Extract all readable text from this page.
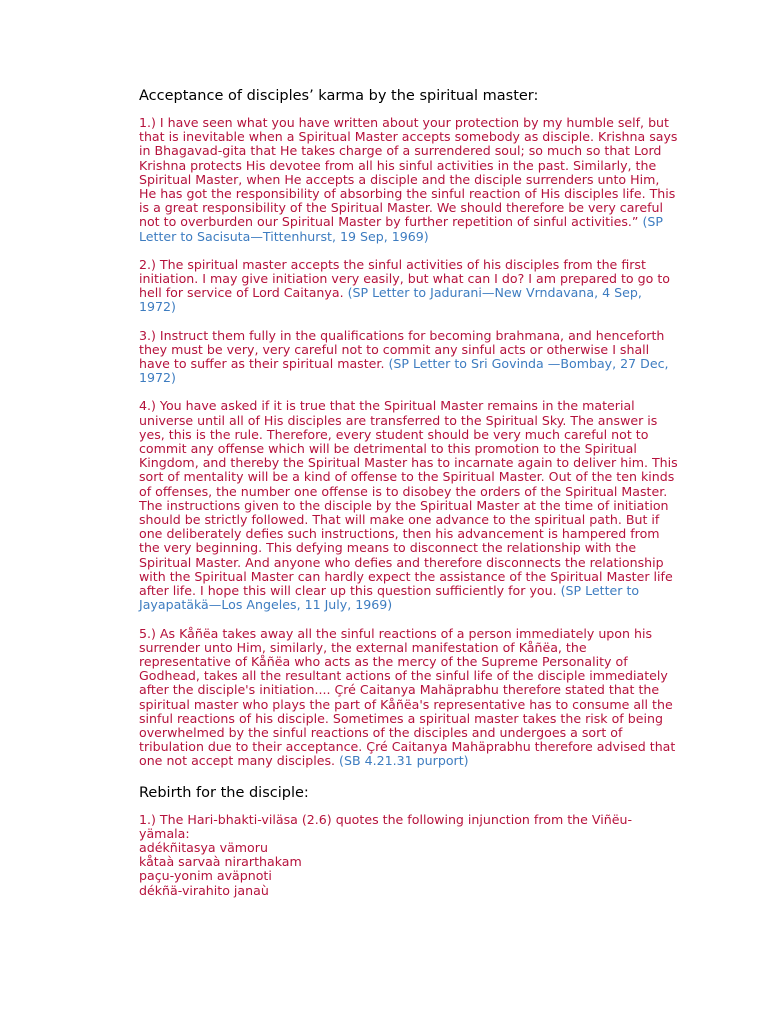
Acceptance of disciples’ karma by the spiritual master:

1.) I have seen what you have written about your protection by my humble self, but that is inevitable when a Spiritual Master accepts somebody as disciple. Krishna says in Bhagavad-gita that He takes charge of a surrendered soul; so much so that Lord Krishna protects His devotee from all his sinful activities in the past. Similarly, the Spiritual Master, when He accepts a disciple and the disciple surrenders unto Him, He has got the responsibility of absorbing the sinful reaction of His disciples life. This is a great responsibility of the Spiritual Master. We should therefore be very careful not to overburden our Spiritual Master by further repetition of sinful activities.” (SP Letter to Sacisuta—Tittenhurst, 19 Sep, 1969)

2.) The spiritual master accepts the sinful activities of his disciples from the first initiation. I may give initiation very easily, but what can I do? I am prepared to go to hell for service of Lord Caitanya. (SP Letter to Jadurani—New Vrndavana, 4 Sep, 1972)

3.) Instruct them fully in the qualifications for becoming brahmana, and henceforth they must be very, very careful not to commit any sinful acts or otherwise I shall have to suffer as their spiritual master. (SP Letter to Sri Govinda —Bombay, 27 Dec, 1972)

4.) You have asked if it is true that the Spiritual Master remains in the material universe until all of His disciples are transferred to the Spiritual Sky. The answer is yes, this is the rule. Therefore, every student should be very much careful not to commit any offense which will be detrimental to this promotion to the Spiritual Kingdom, and thereby the Spiritual Master has to incarnate again to deliver him. This sort of mentality will be a kind of offense to the Spiritual Master. Out of the ten kinds of offenses, the number one offense is to disobey the orders of the Spiritual Master. The instructions given to the disciple by the Spiritual Master at the time of initiation should be strictly followed. That will make one advance to the spiritual path. But if one deliberately defies such instructions, then his advancement is hampered from the very beginning. This defying means to disconnect the relationship with the Spiritual Master. And anyone who defies and therefore disconnects the relationship with the Spiritual Master can hardly expect the assistance of the Spiritual Master life after life. I hope this will clear up this question sufficiently for you. (SP Letter to Jayapatäkä—Los Angeles, 11 July, 1969)

5.) As Kåñëa takes away all the sinful reactions of a person immediately upon his surrender unto Him, similarly, the external manifestation of Kåñëa, the representative of Kåñëa who acts as the mercy of the Supreme Personality of Godhead, takes all the resultant actions of the sinful life of the disciple immediately after the disciple's initiation.... Çré Caitanya Mahäprabhu therefore stated that the spiritual master who plays the part of Kåñëa's representative has to consume all the sinful reactions of his disciple. Sometimes a spiritual master takes the risk of being overwhelmed by the sinful reactions of the disciples and undergoes a sort of tribulation due to their acceptance. Çré Caitanya Mahäprabhu therefore advised that one not accept many disciples. (SB 4.21.31 purport)

Rebirth for the disciple:

1.) The Hari-bhakti-viläsa (2.6) quotes the following injunction from the Viñëu-yämala:
adékñitasya vämoru
kåtaà sarvaà nirarthakam
paçu-yonim aväpnoti
dékñä-virahito janaù
